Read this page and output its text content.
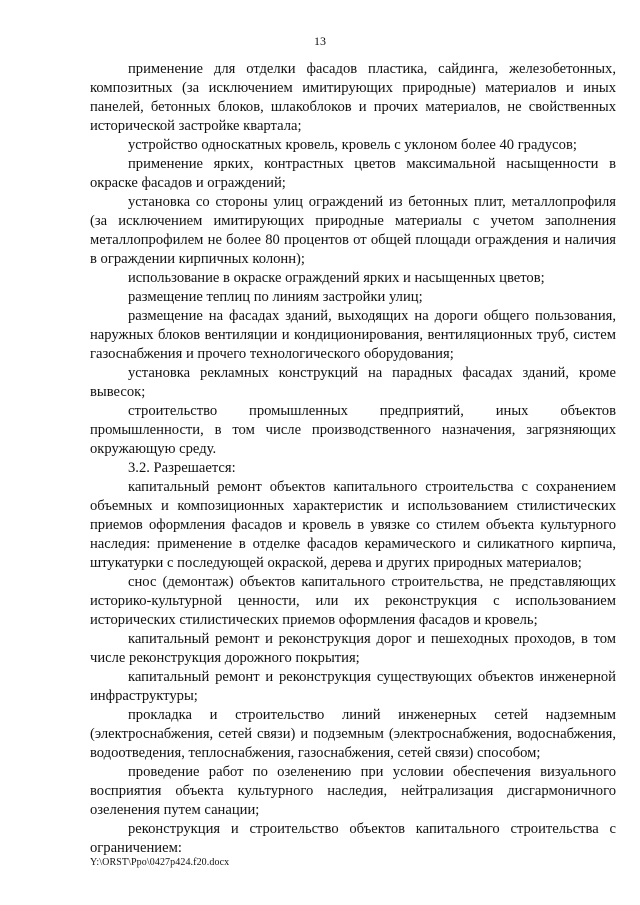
13

применение для отделки фасадов пластика, сайдинга, железобетонных, композитных (за исключением имитирующих природные) материалов и иных панелей, бетонных блоков, шлакоблоков и прочих материалов, не свойственных исторической застройке квартала;

устройство односкатных кровель, кровель с уклоном более 40 градусов;

применение ярких, контрастных цветов максимальной насыщенности в окраске фасадов и ограждений;

установка со стороны улиц ограждений из бетонных плит, металлопрофиля (за исключением имитирующих природные материалы с учетом заполнения металлопрофилем не более 80 процентов от общей площади ограждения и наличия в ограждении кирпичных колонн);

использование в окраске ограждений ярких и насыщенных цветов;

размещение теплиц по линиям застройки улиц;

размещение на фасадах зданий, выходящих на дороги общего пользования, наружных блоков вентиляции и кондиционирования, вентиляционных труб, систем газоснабжения и прочего технологического оборудования;

установка рекламных конструкций на парадных фасадах зданий, кроме вывесок;

строительство промышленных предприятий, иных объектов промышленности, в том числе производственного назначения, загрязняющих окружающую среду.

3.2. Разрешается:

капитальный ремонт объектов капитального строительства с сохранением объемных и композиционных характеристик и использованием стилистических приемов оформления фасадов и кровель в увязке со стилем объекта культурного наследия: применение в отделке фасадов керамического и силикатного кирпича, штукатурки с последующей окраской, дерева и других природных материалов;

снос (демонтаж) объектов капитального строительства, не представляющих историко-культурной ценности, или их реконструкция с использованием исторических стилистических приемов оформления фасадов и кровель;

капитальный ремонт и реконструкция дорог и пешеходных проходов, в том числе реконструкция дорожного покрытия;

капитальный ремонт и реконструкция существующих объектов инженерной инфраструктуры;

прокладка и строительство линий инженерных сетей надземным (электроснабжения, сетей связи) и подземным (электроснабжения, водоснабжения, водоотведения, теплоснабжения, газоснабжения, сетей связи) способом;

проведение работ по озеленению при условии обеспечения визуального восприятия объекта культурного наследия, нейтрализация дисгармоничного озеленения путем санации;

реконструкция и строительство объектов капитального строительства с ограничением:

Y:\ORST\Ppo\0427p424.f20.docx
